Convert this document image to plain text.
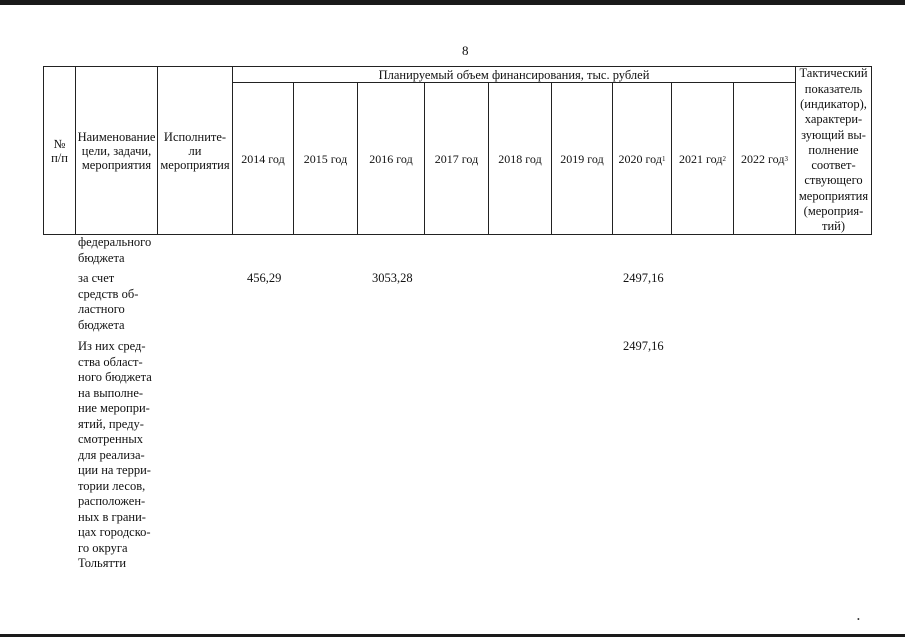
8
№
п/п
Наименование
цели, задачи,
мероприятия
Исполните-
ли
мероприятия
Планируемый объем финансирования, тыс. рублей
2014 год 2015 год 2016 год 2017 год 2018 год 2019 год 2020 год 1 2021 год 2 2022 год 3
Тактический
показатель
(индикатор),
характери-
зующий вы-
полнение
соответ-
ствующего
мероприятия
(мероприя-
тий)
федерального
бюджета
за счет
средств об-
ластного
бюджета
456,29	3053,28	2497,16
Из них сред-
ства област-
ного бюджета
на выполне-
ние меропри-
ятий, преду-
смотренных
для реализа-
ции на терри-
тории лесов,
расположен-
ных в грани-
цах городско-
го округа
Тольятти
2497,16
•
